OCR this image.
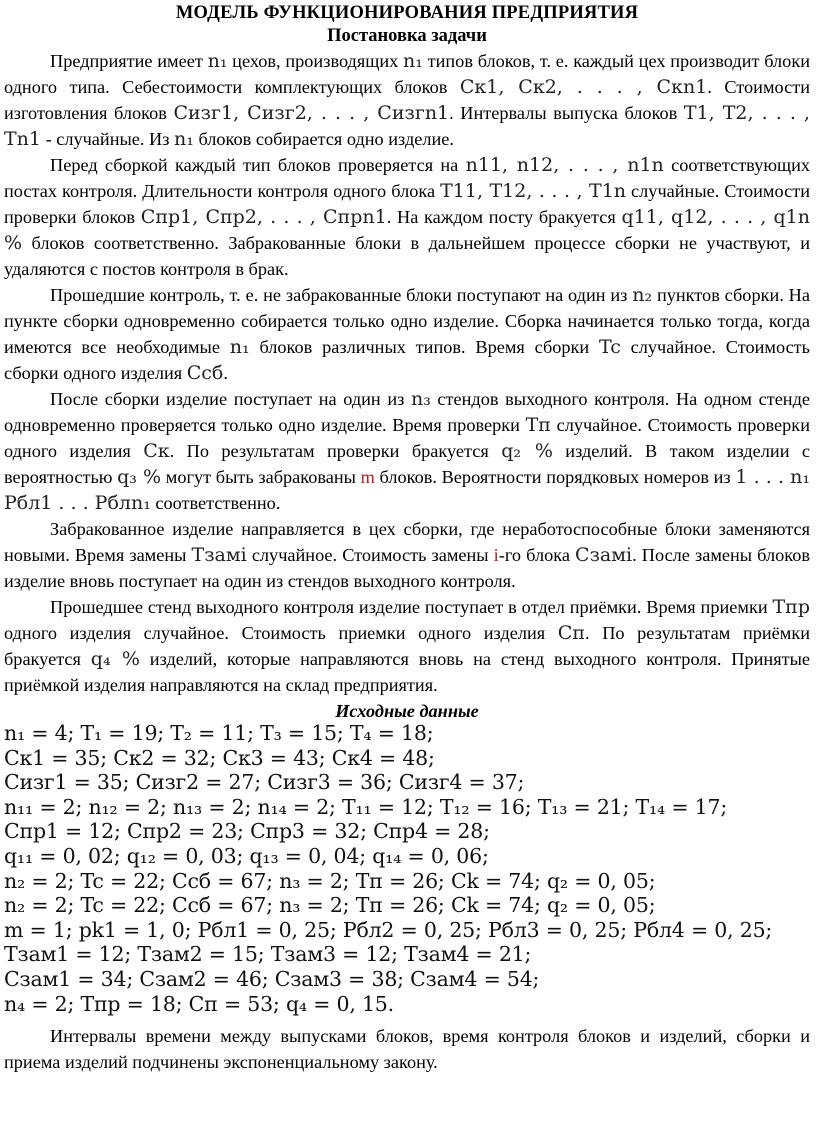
МОДЕЛЬ ФУНКЦИОНИРОВАНИЯ ПРЕДПРИЯТИЯ
Постановка задачи

Предприятие имеет n₁ цехов, производящих n₁ типов блоков, т. е. каждый цех производит блоки одного типа. Себестоимости комплектующих блоков Cк1, Cк2, . . . , Cкn1. Стоимости изготовления блоков Cизг1, Cизг2, . . . , Cизгn1. Интервалы выпуска блоков T1, T2, . . . , Tn1 - случайные. Из n₁ блоков собирается одно изделие.

Перед сборкой каждый тип блоков проверяется на n11, n12, . . . , n1n соответствующих постах контроля. Длительности контроля одного блока T11, T12, . . . , T1n случайные. Стоимости проверки блоков Cпр1, Cпр2, . . . , Cпрn1. На каждом посту бракуется q11, q12, . . . , q1n % блоков соответственно. Забракованные блоки в дальнейшем процессе сборки не участвуют, и удаляются с постов контроля в брак.

Прошедшие контроль, т. е. не забракованные блоки поступают на один из n₂ пунктов сборки. На пункте сборки одновременно собирается только одно изделие. Сборка начинается только тогда, когда имеются все необходимые n₁ блоков различных типов. Время сборки Tc случайное. Стоимость сборки одного изделия Cсб.

После сборки изделие поступает на один из n₃ стендов выходного контроля. На одном стенде одновременно проверяется только одно изделие. Время проверки Tп случайное. Стоимость проверки одного изделия Cк. По результатам проверки бракуется q₂ % изделий. В таком изделии с вероятностью q₃ % могут быть забракованы m блоков. Вероятности порядковых номеров из 1 . . . n₁ Pбл1 . . . Pблn₁ соответственно.

Забракованное изделие направляется в цех сборки, где неработоспособные блоки заменяются новыми. Время замены Tзамi случайное. Стоимость замены i-го блока Cзамi. После замены блоков изделие вновь поступает на один из стендов выходного контроля.

Прошедшее стенд выходного контроля изделие поступает в отдел приёмки. Время приемки Tпр одного изделия случайное. Стоимость приемки одного изделия Cп. По результатам приёмки бракуется q₄ % изделий, которые направляются вновь на стенд выходного контроля. Принятые приёмкой изделия направляются на склад предприятия.

Исходные данные
n₁ = 4; T₁ = 19; T₂ = 11; T₃ = 15; T₄ = 18;
Cк1 = 35; Cк2 = 32; Cк3 = 43; Cк4 = 48;
Cизг1 = 35; Cизг2 = 27; Cизг3 = 36; Cизг4 = 37;
n₁₁ = 2; n₁₂ = 2; n₁₃ = 2; n₁₄ = 2; T₁₁ = 12; T₁₂ = 16; T₁₃ = 21; T₁₄ = 17;
Cпр1 = 12; Cпр2 = 23; Cпр3 = 32; Cпр4 = 28;
q₁₁ = 0, 02; q₁₂ = 0, 03; q₁₃ = 0, 04; q₁₄ = 0, 06;
n₂ = 2; Tc = 22; Cсб = 67; n₃ = 2; Tп = 26; Ck = 74; q₂ = 0, 05;
n₂ = 2; Tc = 22; Cсб = 67; n₃ = 2; Tп = 26; Ck = 74; q₂ = 0, 05;
m = 1; pk1 = 1, 0; Pбл1 = 0, 25; Pбл2 = 0, 25; Pбл3 = 0, 25; Pбл4 = 0, 25;
Tзам1 = 12; Tзам2 = 15; Tзам3 = 12; Tзам4 = 21;
Cзам1 = 34; Cзам2 = 46; Cзам3 = 38; Cзам4 = 54;
n₄ = 2; Tпр = 18; Cп = 53; q₄ = 0, 15.

Интервалы времени между выпусками блоков, время контроля блоков и изделий, сборки и приема изделий подчинены экспоненциальному закону.
